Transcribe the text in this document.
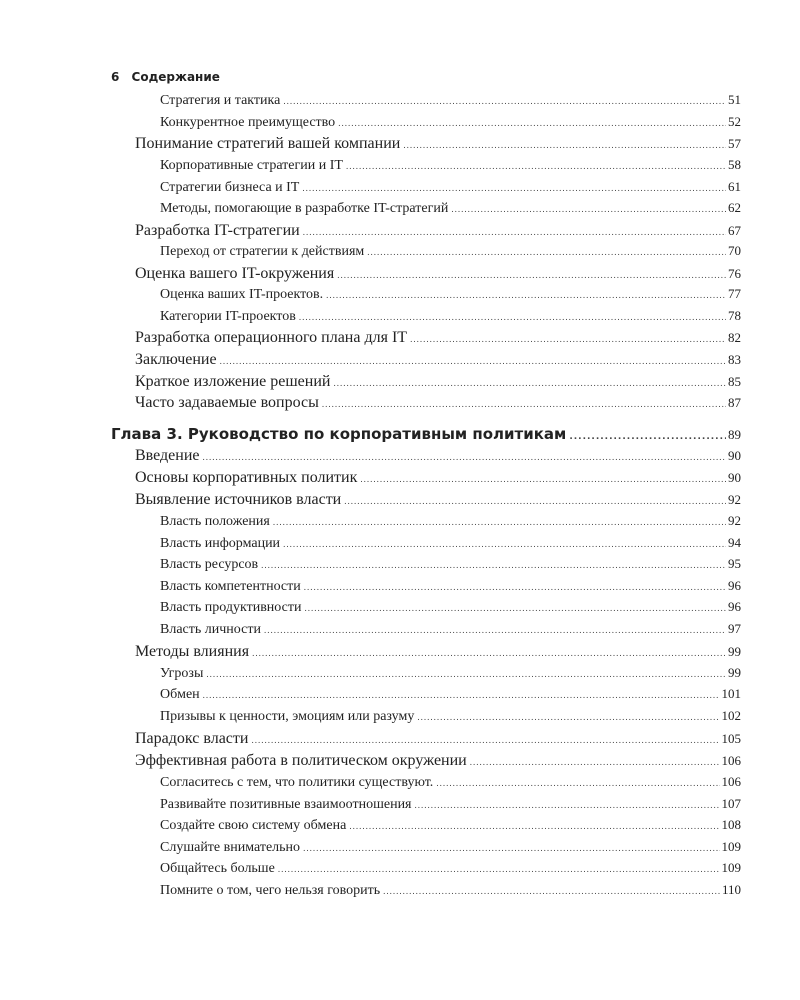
6 Содержание
Стратегия и тактика .....	51
Конкурентное преимущество .....	52
Понимание стратегий вашей компании .....	57
Корпоративные стратегии и IT .....	58
Стратегии бизнеса и IT .....	61
Методы, помогающие в разработке IT-стратегий .....	62
Разработка IT-стратегии .....	67
Переход от стратегии к действиям .....	70
Оценка вашего IT-окружения .....	76
Оценка ваших IT-проектов. .....	77
Категории IT-проектов .....	78
Разработка операционного плана для IT .....	82
Заключение .....	83
Краткое изложение решений .....	85
Часто задаваемые вопросы .....	87
Глава 3. Руководство по корпоративным политикам .....	89
Введение .....	90
Основы корпоративных политик .....	90
Выявление источников власти .....	92
Власть положения .....	92
Власть информации .....	94
Власть ресурсов .....	95
Власть компетентности .....	96
Власть продуктивности .....	96
Власть личности .....	97
Методы влияния .....	99
Угрозы .....	99
Обмен .....	101
Призывы к ценности, эмоциям или разуму .....	102
Парадокс власти .....	105
Эффективная работа в политическом окружении .....	106
Согласитесь с тем, что политики существуют. .....	106
Развивайте позитивные взаимоотношения .....	107
Создайте свою систему обмена .....	108
Слушайте внимательно .....	109
Общайтесь больше .....	109
Помните о том, чего нельзя говорить .....	110
